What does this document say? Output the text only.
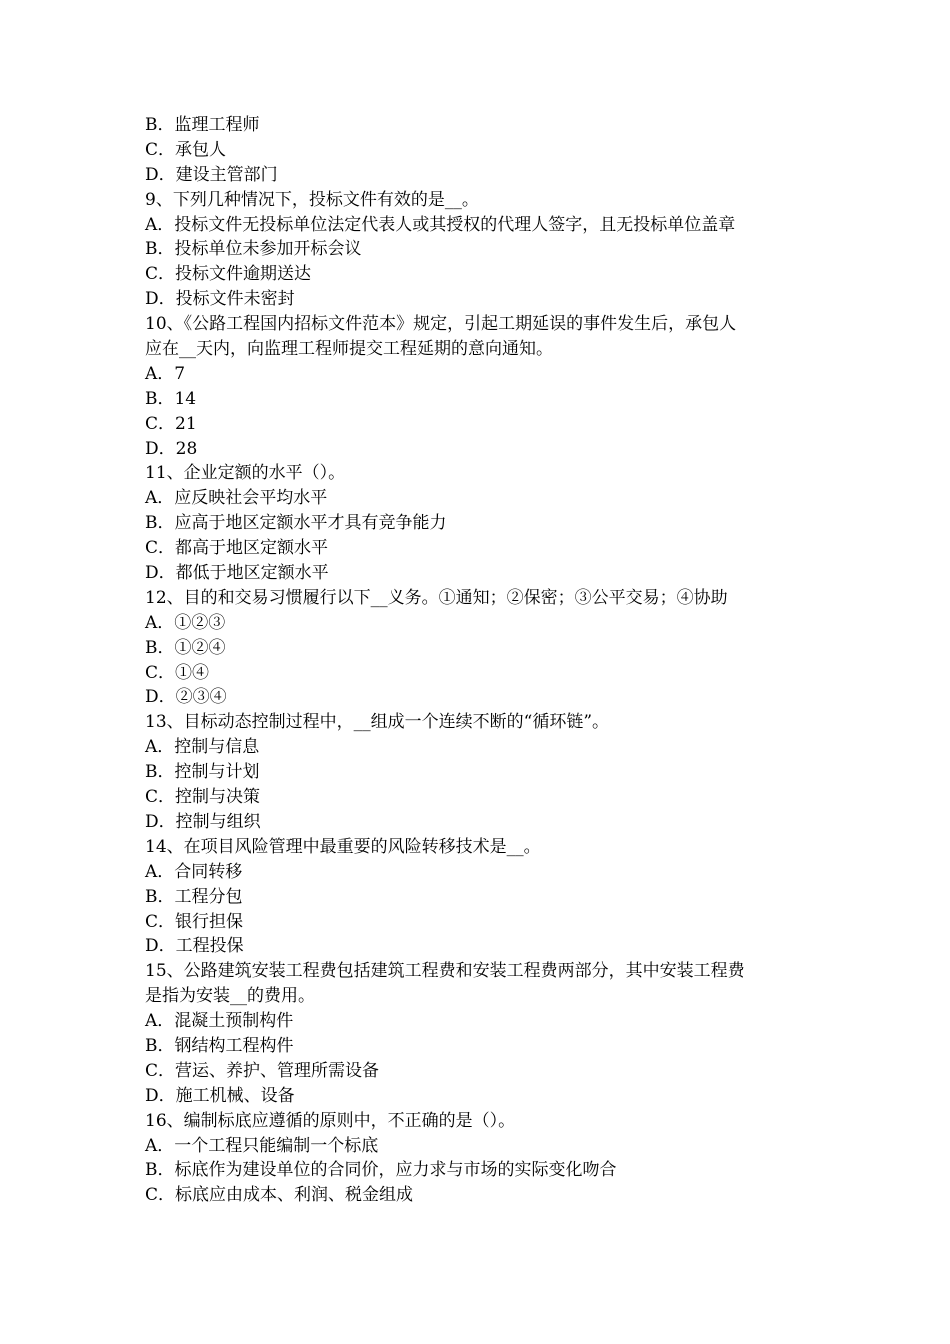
B．监理工程师
C．承包人
D．建设主管部门
9、下列几种情况下，投标文件有效的是__。
A．投标文件无投标单位法定代表人或其授权的代理人签字，且无投标单位盖章
B．投标单位未参加开标会议
C．投标文件逾期送达
D．投标文件未密封
10、《公路工程国内招标文件范本》规定，引起工期延误的事件发生后，承包人
应在__天内，向监理工程师提交工程延期的意向通知。
A．7
B．14
C．21
D．28
11、企业定额的水平（）。
A．应反映社会平均水平
B．应高于地区定额水平才具有竞争能力
C．都高于地区定额水平
D．都低于地区定额水平
12、目的和交易习惯履行以下__义务。①通知；②保密；③公平交易；④协助
A．①②③
B．①②④
C．①④
D．②③④
13、目标动态控制过程中，__组成一个连续不断的“循环链”。
A．控制与信息
B．控制与计划
C．控制与决策
D．控制与组织
14、在项目风险管理中最重要的风险转移技术是__。
A．合同转移
B．工程分包
C．银行担保
D．工程投保
15、公路建筑安装工程费包括建筑工程费和安装工程费两部分，其中安装工程费
是指为安装__的费用。
A．混凝土预制构件
B．钢结构工程构件
C．营运、养护、管理所需设备
D．施工机械、设备
16、编制标底应遵循的原则中，不正确的是（）。
A．一个工程只能编制一个标底
B．标底作为建设单位的合同价，应力求与市场的实际变化吻合
C．标底应由成本、利润、税金组成
